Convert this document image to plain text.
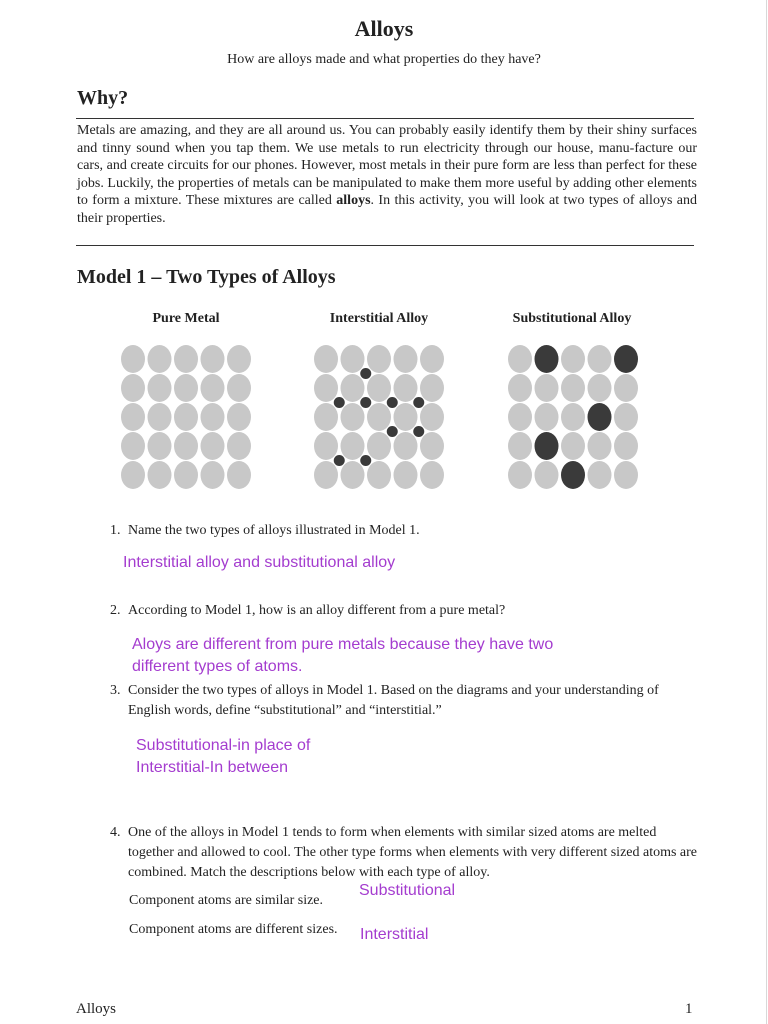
Alloys
How are alloys made and what properties do they have?
Why?
Metals are amazing, and they are all around us. You can probably easily identify them by their shiny surfaces and tinny sound when you tap them. We use metals to run electricity through our house, manu-facture our cars, and create circuits for our phones. However, most metals in their pure form are less than perfect for these jobs. Luckily, the properties of metals can be manipulated to make them more useful by adding other elements to form a mixture. These mixtures are called alloys. In this activity, you will look at two types of alloys and their properties.
Model 1 – Two Types of Alloys
Pure Metal	Interstitial Alloy	Substitutional Alloy
1. Name the two types of alloys illustrated in Model 1.
Interstitial alloy and substitutional alloy
2. According to Model 1, how is an alloy different from a pure metal?
Aloys are different from pure metals because they have two
different types of atoms.
3. Consider the two types of alloys in Model 1. Based on the diagrams and your understanding of English words, define “substitutional” and “interstitial.”
Substitutional-in place of
Interstitial-In between
4. One of the alloys in Model 1 tends to form when elements with similar sized atoms are melted together and allowed to cool. The other type forms when elements with very different sized atoms are combined. Match the descriptions below with each type of alloy.
Component atoms are similar size.
Substitutional
Component atoms are different sizes. Interstitial
Alloys	1
